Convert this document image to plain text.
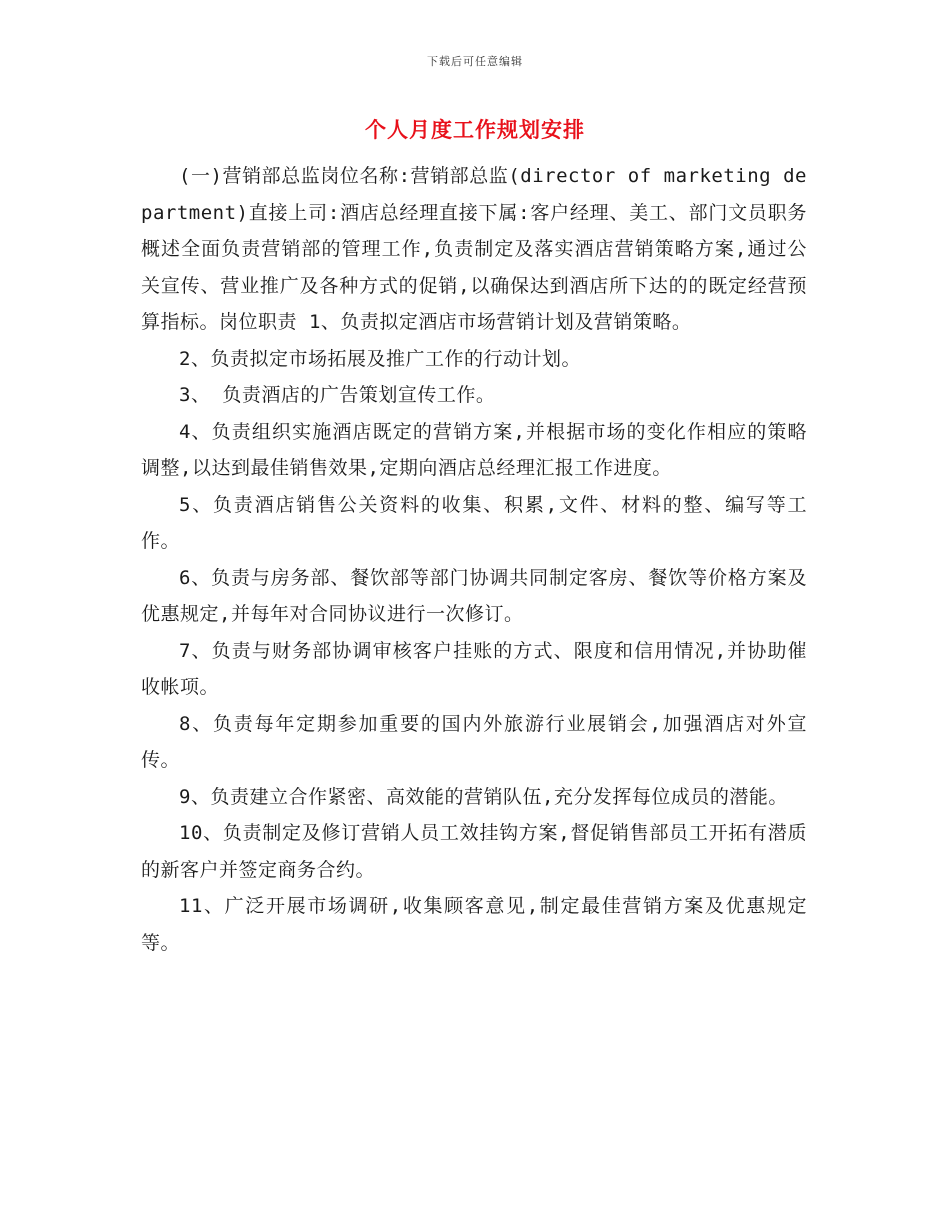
下载后可任意编辑
个人月度工作规划安排

(一)营销部总监岗位名称:营销部总监(director of marketing department)直接上司:酒店总经理直接下属:客户经理、美工、部门文员职务概述全面负责营销部的管理工作,负责制定及落实酒店营销策略方案,通过公关宣传、营业推广及各种方式的促销,以确保达到酒店所下达的的既定经营预算指标。岗位职责 1、负责拟定酒店市场营销计划及营销策略。

2、负责拟定市场拓展及推广工作的行动计划。

3、 负责酒店的广告策划宣传工作。

4、负责组织实施酒店既定的营销方案,并根据市场的变化作相应的策略调整,以达到最佳销售效果,定期向酒店总经理汇报工作进度。

5、负责酒店销售公关资料的收集、积累,文件、材料的整、编写等工作。

6、负责与房务部、餐饮部等部门协调共同制定客房、餐饮等价格方案及优惠规定,并每年对合同协议进行一次修订。

7、负责与财务部协调审核客户挂账的方式、限度和信用情况,并协助催收帐项。

8、负责每年定期参加重要的国内外旅游行业展销会,加强酒店对外宣传。

9、负责建立合作紧密、高效能的营销队伍,充分发挥每位成员的潜能。

10、负责制定及修订营销人员工效挂钩方案,督促销售部员工开拓有潜质的新客户并签定商务合约。

11、广泛开展市场调研,收集顾客意见,制定最佳营销方案及优惠规定等。
